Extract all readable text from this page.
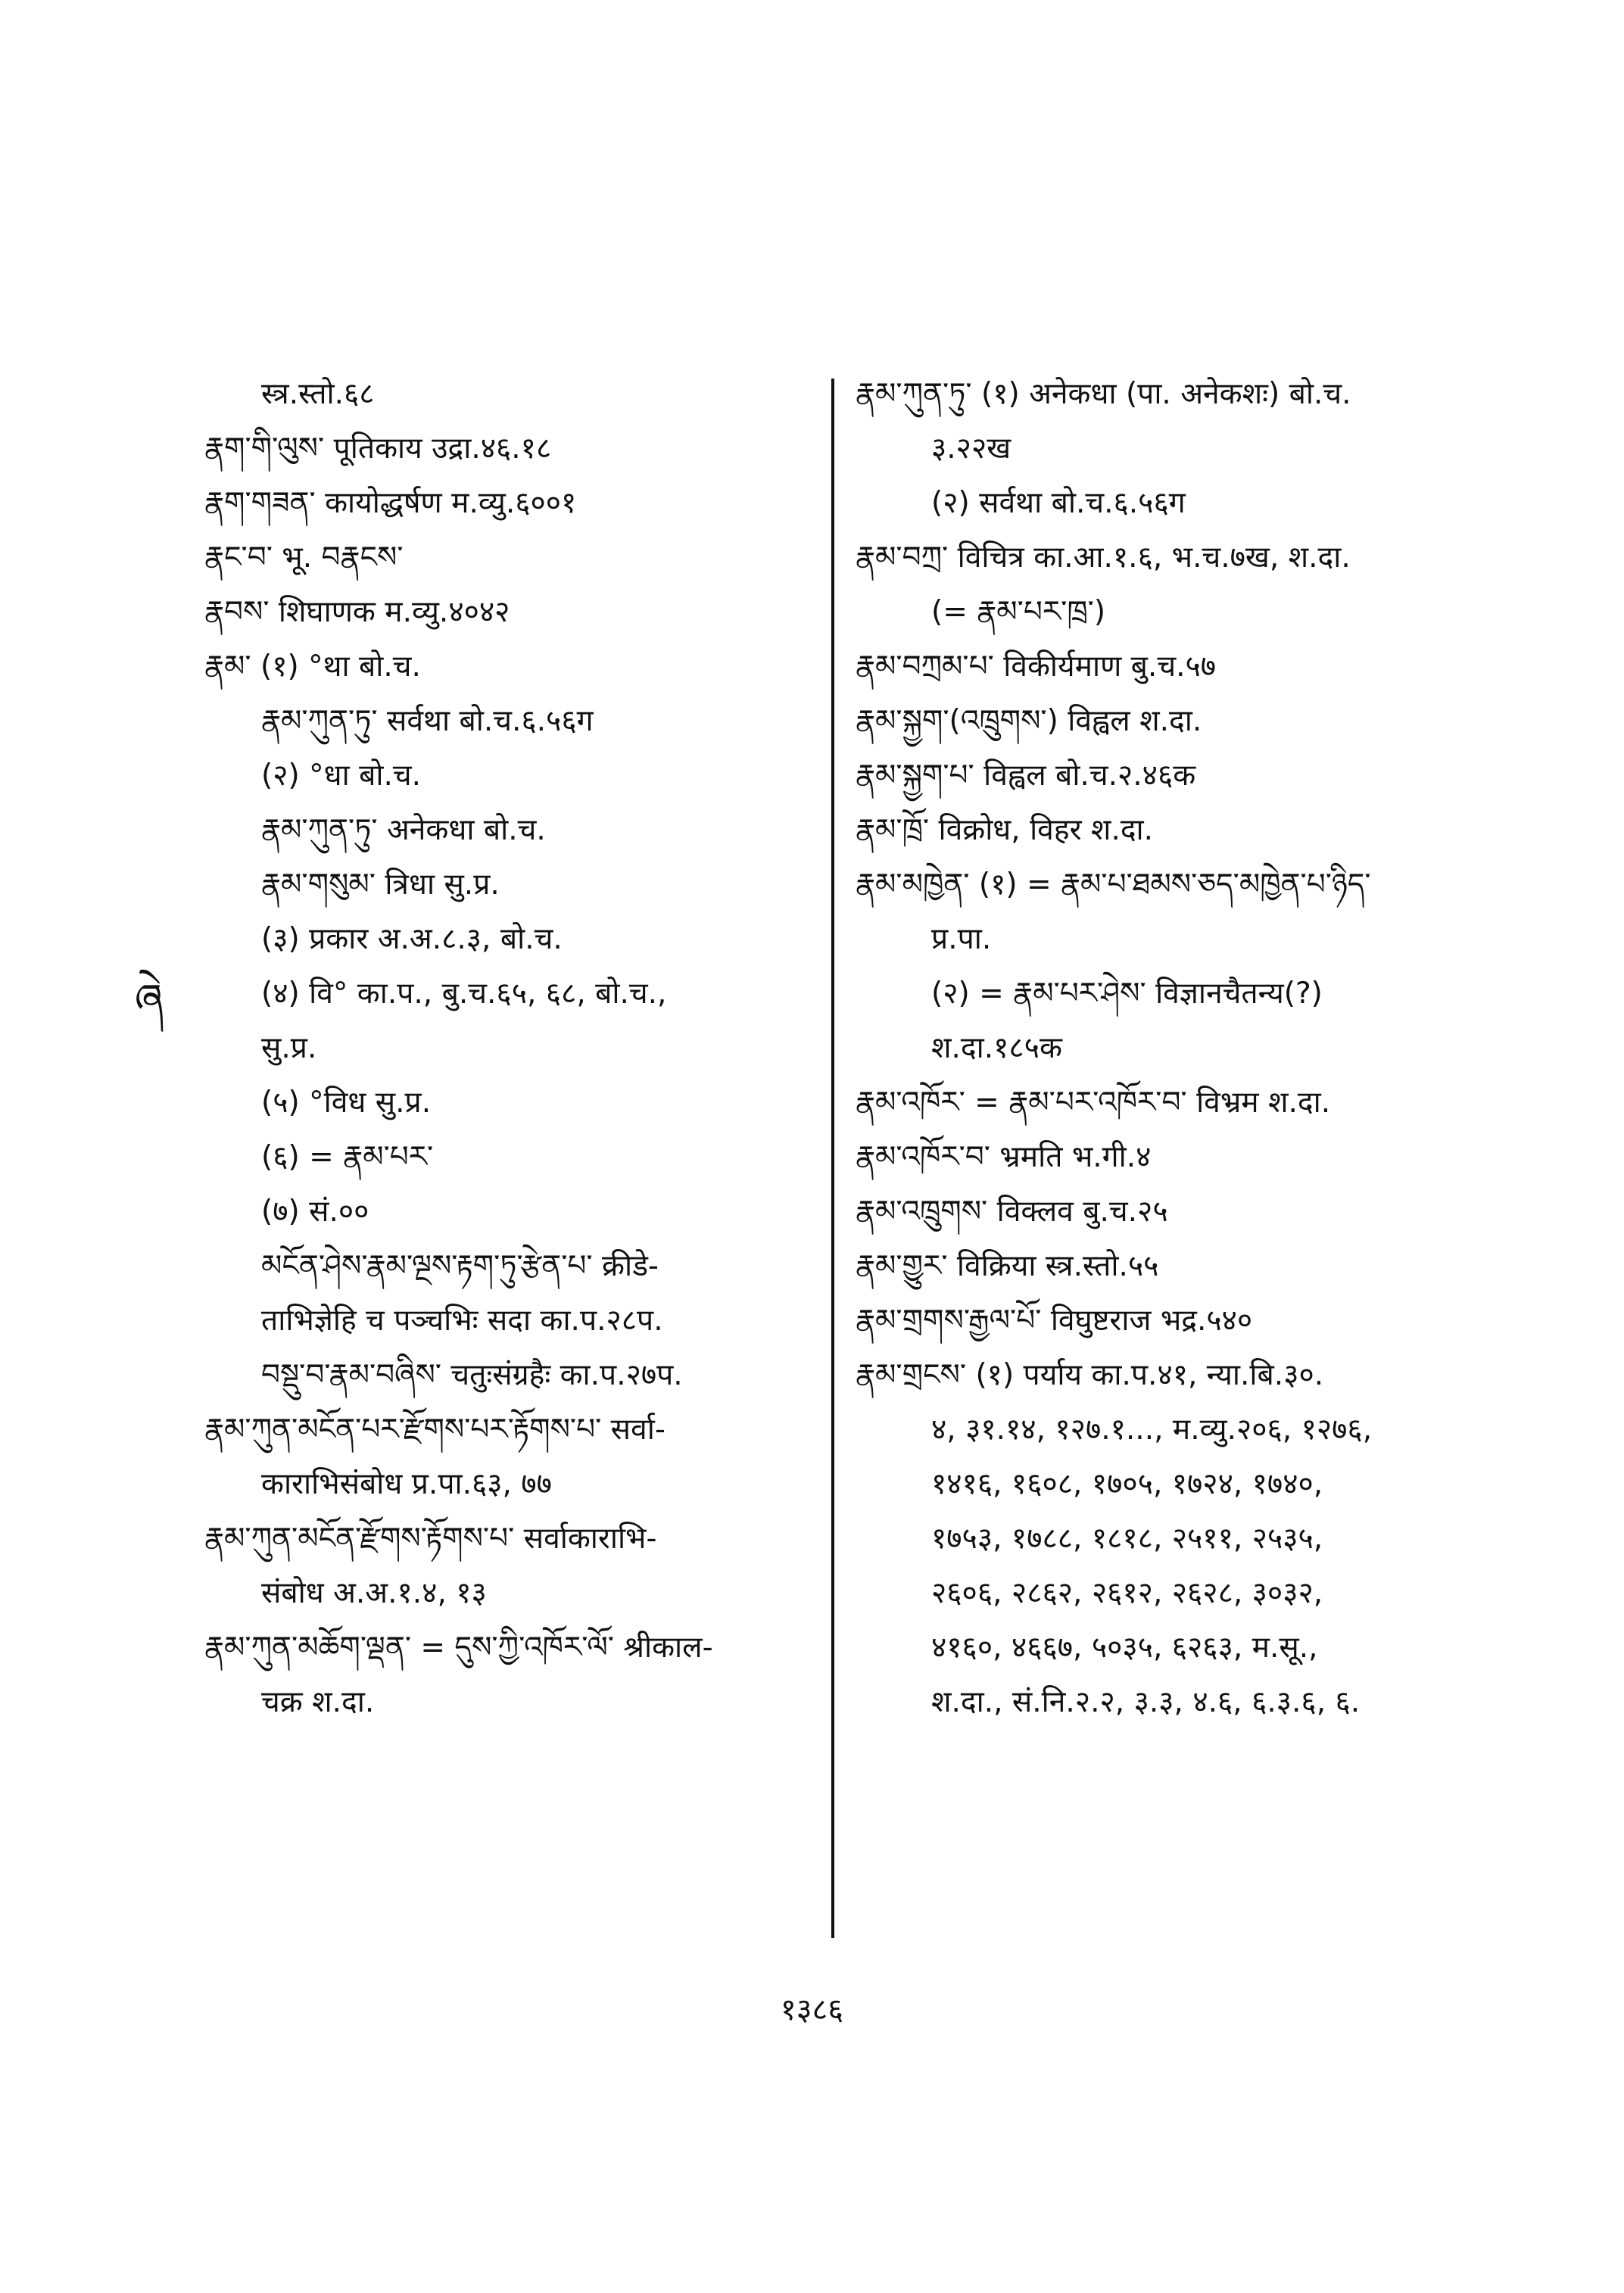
स्त्र.स्तो.६८
རྣག་གི་ལུས་ पूतिकाय उद्रा.४६.१८
རྣག་གཟན་ कायोद्धर्षण म.व्यु.६००१
རྣང་བ་ भू. བརྣངས་
རྣབས་ शिघाणक म.व्यु.४०४२
རྣམ་ (१) °था बो.च.
རྣམ་ཀུན་ཏུ་ सर्वथा बो.च.६.५६ग
(२) °धा बो.च.
རྣམ་ཀུན་ཏུ་ अनेकधा बो.च.
རྣམ་གསུམ་ त्रिधा सु.प्र.
(३) प्रकार अ.अ.८.३, बो.च.
(४) वि° का.प., बु.च.६५, ६८, बो.च.,
सु.प्र.
(५) °विध सु.प्र.
(६) = རྣམ་པར་
(७) सं.००
མངོན་ཤེས་རྣམ་ལྔས་རྟག་ཏུ་རྩེན་པ་ क्रीडे-
ताभिज्ञेहि च पञ्चभिः सदा का.प.२८प.
བསྡུ་བ་རྣམ་བཞིས་ चतुःसंग्रहैः का.प.२७प.
རྣམ་ཀུན་མངོན་པར་རྫོགས་པར་རྟོགས་པ་ सर्वा-
काराभिसंबोध प्र.पा.६३, ७७
རྣམ་ཀུན་མངོན་རྫོགས་རྟོགས་པ་ सर्वाकाराभि-
संबोध अ.अ.१.४, १३
རྣམ་ཀུན་མཆོག་ལྡན་ = དུས་ཀྱི་འཁོར་ལོ་ श्रीकाल-
चक्र श.दा.
རྣམ་ཀུན་ཏུ་ (१) अनेकधा (पा. अनेकशः) बो.च.
३.२२ख
(२) सर्वथा बो.च.६.५६ग
རྣམ་བཀྲ་ विचित्र का.आ.१.६, भ.च.७ख, श.दा.
(= རྣམ་པར་ཁྲ་)
རྣམ་བཀྲམ་པ་ विकीर्यमाण बु.च.५७
རྣམ་སྐྱག་(འཁྲུགས་) विह्वल श.दा.
རྣམ་སྐྱག་པ་ विह्वल बो.च.२.४६क
རྣམ་ཁྲོ་ विक्रोध, विहर श.दा.
རྣམ་མཁྱེན་ (१) = རྣམ་པ་ཐམས་ཅད་མཁྱེན་པ་ཉིད་
प्र.पा.
(२) = རྣམ་པར་ཤེས་ विज्ञानचैतन्य(?)
श.दा.१८५क
རྣམ་འཁོར་ = རྣམ་པར་འཁོར་བ་ विभ्रम श.दा.
རྣམ་འཁོར་བ་ भ्रमति भ.गी.४
རྣམ་འཁྲུགས་ विक्लव बु.च.२५
རྣམ་གྱུར་ विक्रिया स्त्र.स्तो.५५
རྣམ་གྲགས་རྒྱལ་པོ་ विघुष्टराज भद्र.५४०
རྣམ་གྲངས་ (१) पर्याय का.प.४१, न्या.बि.३०.
४, ३१.१४, १२७.१..., म.व्यु.२०६, १२७६,
१४१६, १६०८, १७०५, १७२४, १७४०,
१७५३, १७८८, १८१८, २५११, २५३५,
२६०६, २८६२, २६१२, २६२८, ३०३२,
४१६०, ४६६७, ५०३५, ६२६३, म.सू.,
श.दा., सं.नि.२.२, ३.३, ४.६, ६.३.६, ६.
ཞེ
१३८६
